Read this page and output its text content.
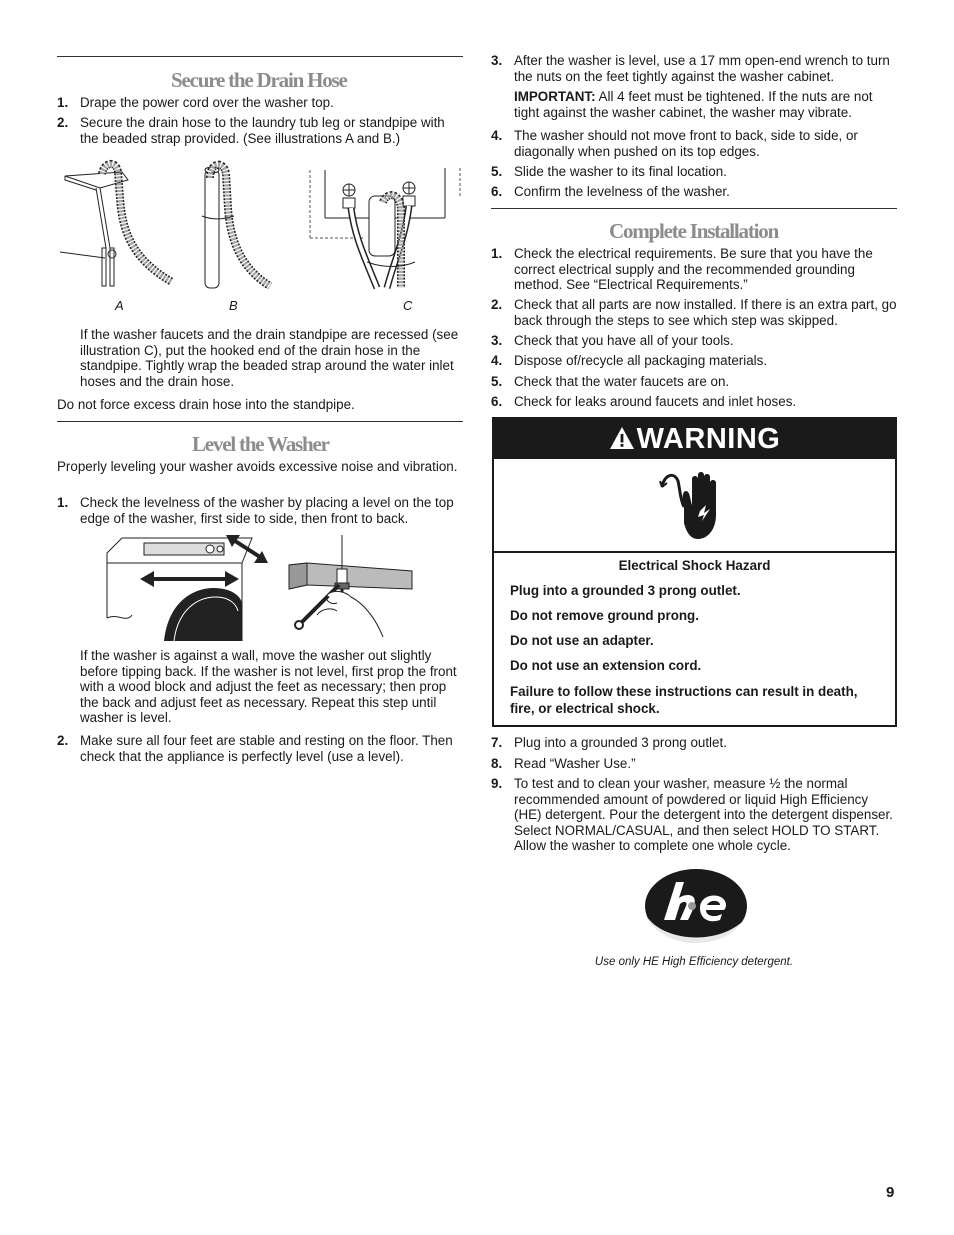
Secure the Drain Hose
1. Drape the power cord over the washer top.
2. Secure the drain hose to the laundry tub leg or standpipe with the beaded strap provided. (See illustrations A and B.)
A	B	C
If the washer faucets and the drain standpipe are recessed (see illustration C), put the hooked end of the drain hose in the standpipe. Tightly wrap the beaded strap around the water inlet hoses and the drain hose.
Do not force excess drain hose into the standpipe.
Level the Washer
Properly leveling your washer avoids excessive noise and vibration.
1. Check the levelness of the washer by placing a level on the top edge of the washer, first side to side, then front to back.
If the washer is against a wall, move the washer out slightly before tipping back. If the washer is not level, first prop the front with a wood block and adjust the feet as necessary; then prop the back and adjust feet as necessary. Repeat this step until washer is level.
2. Make sure all four feet are stable and resting on the floor. Then check that the appliance is perfectly level (use a level).
3. After the washer is level, use a 17 mm open-end wrench to turn the nuts on the feet tightly against the washer cabinet.
IMPORTANT: All 4 feet must be tightened. If the nuts are not tight against the washer cabinet, the washer may vibrate.
4. The washer should not move front to back, side to side, or diagonally when pushed on its top edges.
5. Slide the washer to its final location.
6. Confirm the levelness of the washer.
Complete Installation
1. Check the electrical requirements. Be sure that you have the correct electrical supply and the recommended grounding method. See “Electrical Requirements.”
2. Check that all parts are now installed. If there is an extra part, go back through the steps to see which step was skipped.
3. Check that you have all of your tools.
4. Dispose of/recycle all packaging materials.
5. Check that the water faucets are on.
6. Check for leaks around faucets and inlet hoses.
WARNING
Electrical Shock Hazard
Plug into a grounded 3 prong outlet.
Do not remove ground prong.
Do not use an adapter.
Do not use an extension cord.
Failure to follow these instructions can result in death, fire, or electrical shock.
7. Plug into a grounded 3 prong outlet.
8. Read “Washer Use.”
9. To test and to clean your washer, measure ½ the normal recommended amount of powdered or liquid High Efficiency (HE) detergent. Pour the detergent into the detergent dispenser. Select NORMAL/CASUAL, and then select HOLD TO START. Allow the washer to complete one whole cycle.
Use only HE High Efficiency detergent.
9
